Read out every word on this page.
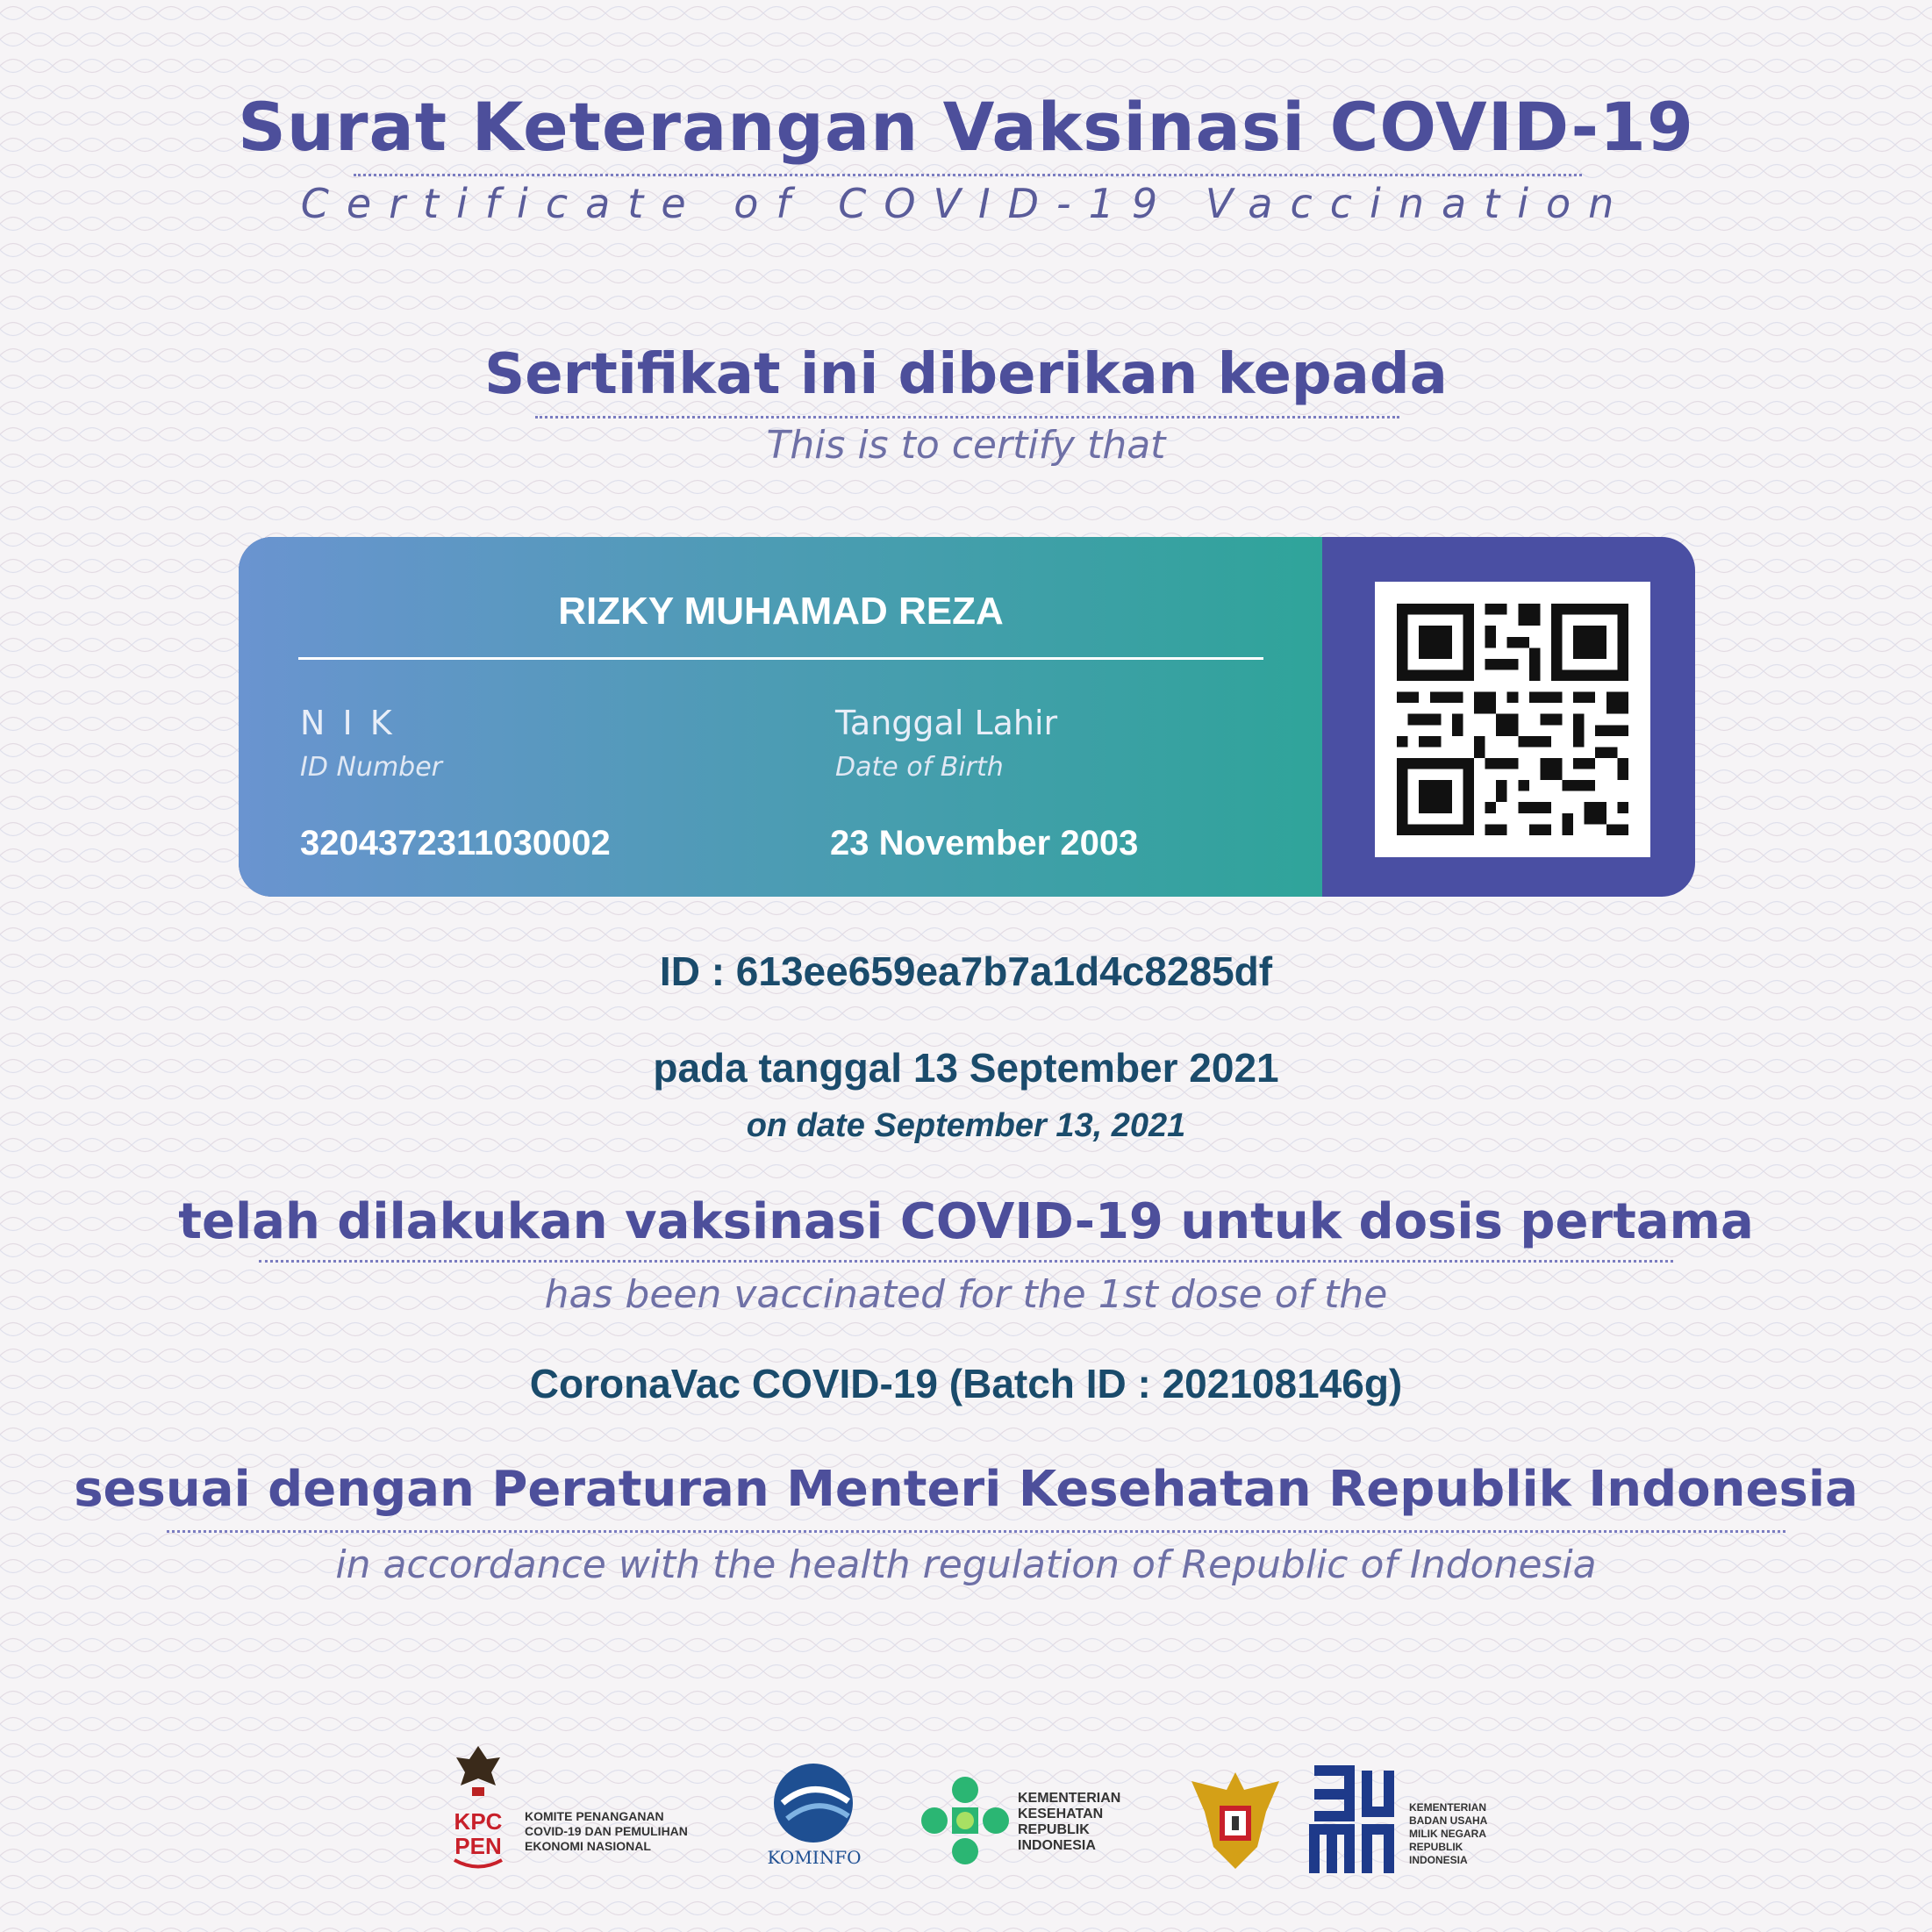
Surat Keterangan Vaksinasi COVID-19
Certificate of COVID-19 Vaccination
Sertifikat ini diberikan kepada
This is to certify that
RIZKY MUHAMAD REZA
N I K
ID Number
3204372311030002
Tanggal Lahir
Date of Birth
23 November 2003
ID : 613ee659ea7b7a1d4c8285df
pada tanggal 13 September 2021
on date September 13, 2021
telah dilakukan vaksinasi COVID-19 untuk dosis pertama
has been vaccinated for the 1st dose of the
CoronaVac COVID-19 (Batch ID : 202108146g)
sesuai dengan Peraturan Menteri Kesehatan Republik Indonesia
in accordance with the health regulation of Republic of Indonesia
KPC
PEN
KOMITE PENANGANAN
COVID-19 DAN PEMULIHAN
EKONOMI NASIONAL
KOMINFO
KEMENTERIAN
KESEHATAN
REPUBLIK
INDONESIA
KEMENTERIAN
BADAN USAHA
MILIK NEGARA
REPUBLIK
INDONESIA
